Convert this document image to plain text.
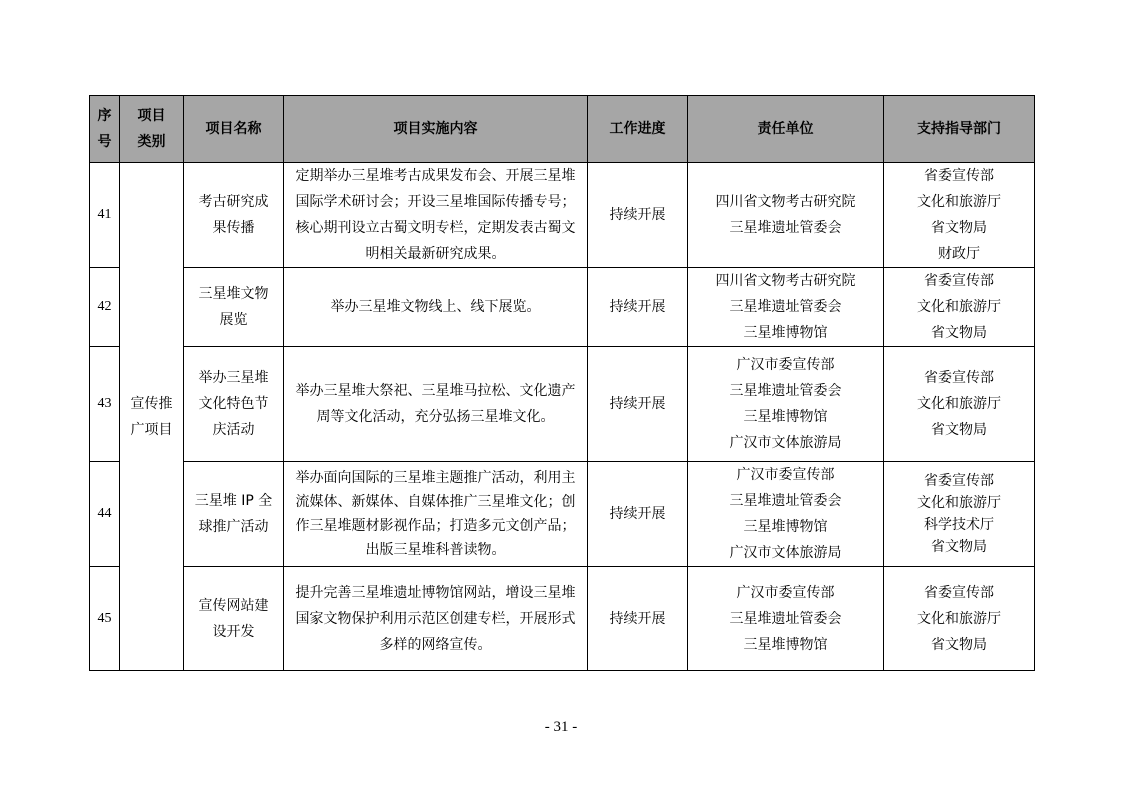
序
号	项目
类别	项目名称	项目实施内容	工作进度	责任单位	支持指导部门
41	宣传推
广项目	考古研究成
果传播	定期举办三星堆考古成果发布会、开展三星堆国际学术研讨会；开设三星堆国际传播专号；核心期刊设立古蜀文明专栏，定期发表古蜀文明相关最新研究成果。	持续开展	四川省文物考古研究院
三星堆遗址管委会	省委宣传部
文化和旅游厅
省文物局
财政厅

42		三星堆文物
展览	举办三星堆文物线上、线下展览。	持续开展	四川省文物考古研究院
三星堆遗址管委会
三星堆博物馆	省委宣传部
文化和旅游厅
省文物局

43		举办三星堆
文化特色节
庆活动	举办三星堆大祭祀、三星堆马拉松、文化遗产周等文化活动，充分弘扬三星堆文化。	持续开展	广汉市委宣传部
三星堆遗址管委会
三星堆博物馆
广汉市文体旅游局	省委宣传部
文化和旅游厅
省文物局

44		三星堆 IP 全
球推广活动	举办面向国际的三星堆主题推广活动，利用主流媒体、新媒体、自媒体推广三星堆文化；创作三星堆题材影视作品；打造多元文创产品；出版三星堆科普读物。	持续开展	广汉市委宣传部
三星堆遗址管委会
三星堆博物馆
广汉市文体旅游局	省委宣传部
文化和旅游厅
科学技术厅
省文物局

45		宣传网站建
设开发	提升完善三星堆遗址博物馆网站，增设三星堆国家文物保护利用示范区创建专栏，开展形式多样的网络宣传。	持续开展	广汉市委宣传部
三星堆遗址管委会
三星堆博物馆	省委宣传部
文化和旅游厅
省文物局
- 31 -
